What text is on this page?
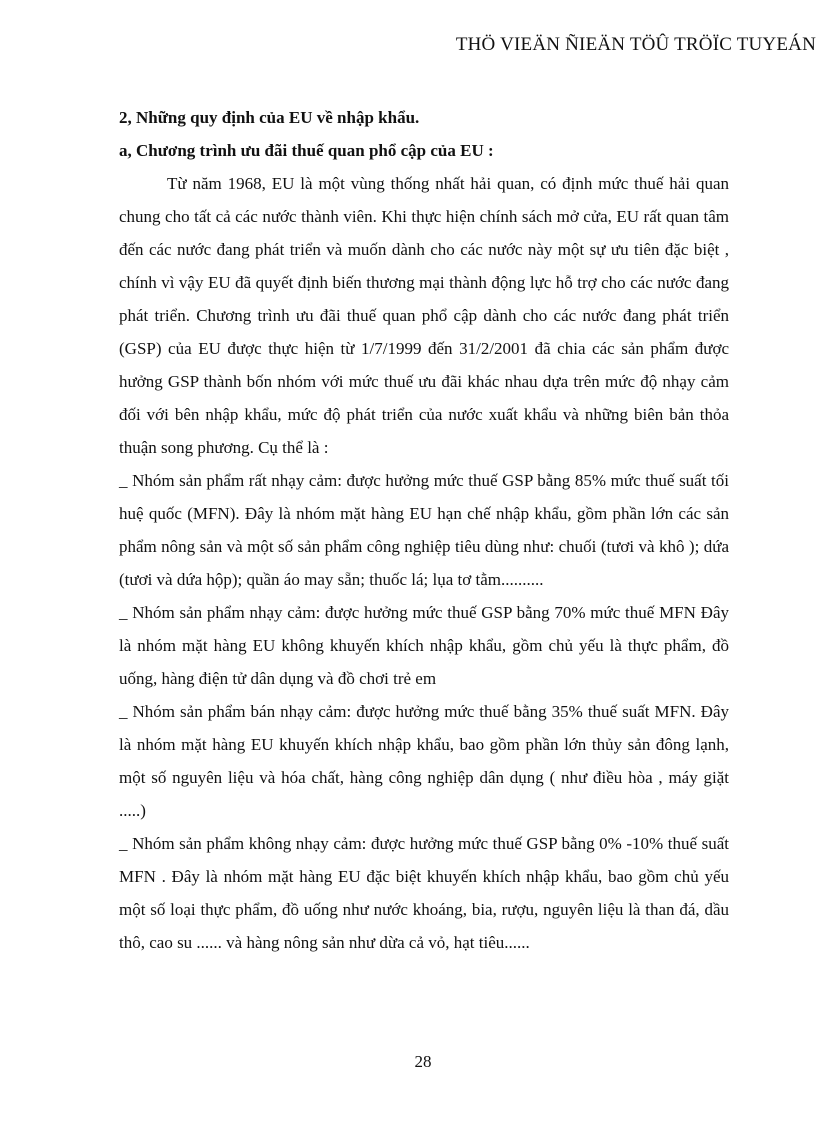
THÖ VIEÄN ÑIEÄN TÖÛ TRÖÏC TUYEÁN
2, Những quy định của EU về nhập khẩu.
a, Chương trình ưu đãi thuế quan phổ cập của EU :

Từ năm 1968, EU là một vùng thống nhất hải quan, có định mức thuế hải quan chung cho tất cả các nước thành viên. Khi thực hiện chính sách mở cửa, EU rất quan tâm đến các nước đang phát triển và muốn dành cho các nước này một sự ưu tiên đặc biệt , chính vì vậy EU đã quyết định biến thương mại thành động lực hỗ trợ cho các nước đang phát triển. Chương trình ưu đãi thuế quan phổ cập dành cho các nước đang phát triển (GSP) của EU được thực hiện từ 1/7/1999 đến 31/2/2001 đã chia các sản phẩm được hưởng GSP thành bốn nhóm với mức thuế ưu đãi khác nhau dựa trên mức độ nhạy cảm đối với bên nhập khẩu, mức độ phát triển của nước xuất khẩu và những biên bản thỏa thuận song phương. Cụ thể là :

_ Nhóm sản phẩm rất nhạy cảm: được hưởng mức thuế GSP bằng 85% mức thuế suất tối huệ quốc (MFN). Đây là nhóm mặt hàng EU hạn chế nhập khẩu, gồm phần lớn các sản phẩm nông sản và một số sản phẩm công nghiệp tiêu dùng như: chuối (tươi và khô ); dứa (tươi và dứa hộp); quần áo may sẵn; thuốc lá; lụa tơ tằm..........

_ Nhóm sản phẩm nhạy cảm: được hưởng mức thuế GSP bằng 70% mức thuế MFN Đây là nhóm mặt hàng EU không khuyến khích nhập khẩu, gồm chủ yếu là thực phẩm, đồ uống, hàng điện tử dân dụng và đồ chơi trẻ em

_ Nhóm sản phẩm bán nhạy cảm: được hưởng mức thuế bằng 35% thuế suất MFN. Đây là nhóm mặt hàng EU khuyến khích nhập khẩu, bao gồm phần lớn thủy sản đông lạnh, một số nguyên liệu và hóa chất, hàng công nghiệp dân dụng ( như điều hòa , máy giặt .....)

_ Nhóm sản phẩm không nhạy cảm: được hưởng mức thuế GSP bằng 0% -10% thuế suất MFN . Đây là nhóm mặt hàng EU đặc biệt khuyến khích nhập khẩu, bao gồm chủ yếu một số loại thực phẩm, đồ uống như nước khoáng, bia, rượu, nguyên liệu là than đá, dầu thô, cao su ...... và hàng nông sản như dừa cả vỏ, hạt tiêu......

28
